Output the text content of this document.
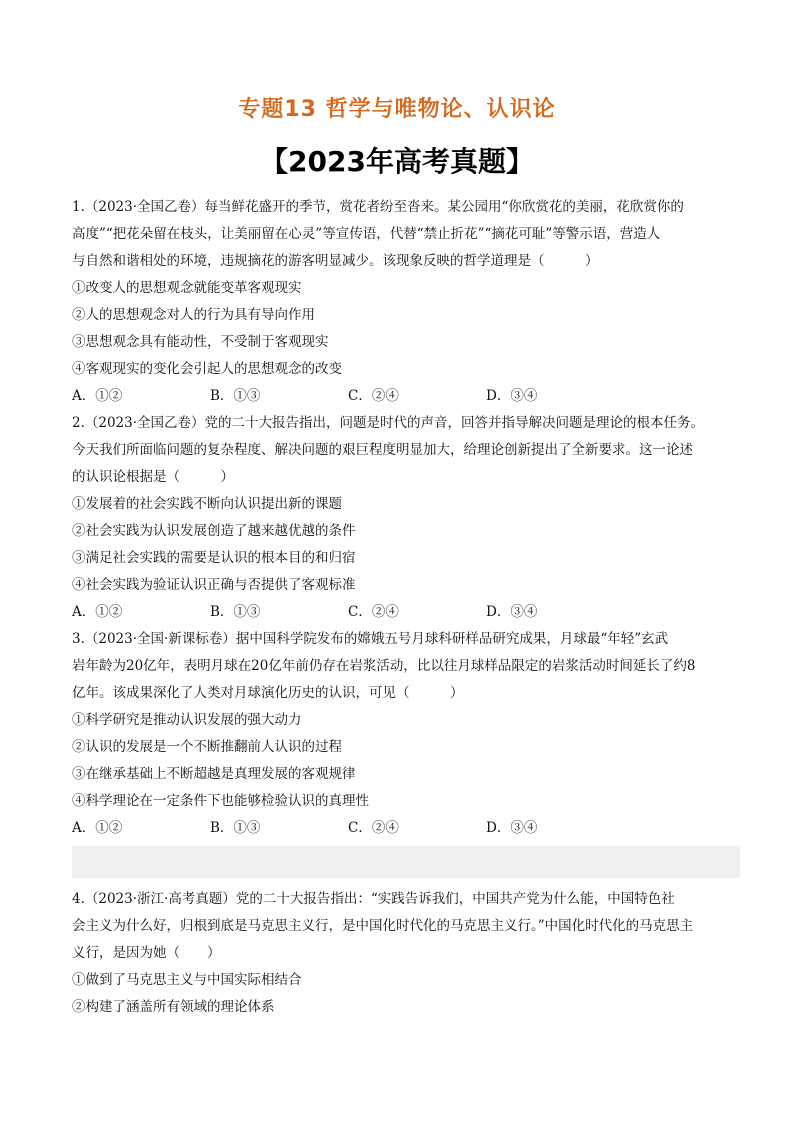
专题13 哲学与唯物论、认识论
【2023年高考真题】
1.（2023·全国乙卷）每当鲜花盛开的季节，赏花者纷至沓来。某公园用“你欣赏花的美丽，花欣赏你的
高度”“把花朵留在枝头，让美丽留在心灵”等宣传语，代替“禁止折花”“摘花可耻”等警示语，营造人
与自然和谐相处的环境，违规摘花的游客明显减少。该现象反映的哲学道理是（　　　）
①改变人的思想观念就能变革客观现实
②人的思想观念对人的行为具有导向作用
③思想观念具有能动性，不受制于客观现实
④客观现实的变化会引起人的思想观念的改变
A．①②	B．①③	C．②④	D．③④
2.（2023·全国乙卷）党的二十大报告指出，问题是时代的声音，回答并指导解决问题是理论的根本任务。
今天我们所面临问题的复杂程度、解决问题的艰巨程度明显加大，给理论创新提出了全新要求。这一论述
的认识论根据是（　　　）
①发展着的社会实践不断向认识提出新的课题
②社会实践为认识发展创造了越来越优越的条件
③满足社会实践的需要是认识的根本目的和归宿
④社会实践为验证认识正确与否提供了客观标准
A．①②	B．①③	C．②④	D．③④
3.（2023·全国·新课标卷）据中国科学院发布的嫦娥五号月球科研样品研究成果，月球最“年轻”玄武
岩年龄为20亿年，表明月球在20亿年前仍存在岩浆活动，比以往月球样品限定的岩浆活动时间延长了约8
亿年。该成果深化了人类对月球演化历史的认识，可见（　　　）
①科学研究是推动认识发展的强大动力
②认识的发展是一个不断推翻前人认识的过程
③在继承基础上不断超越是真理发展的客观规律
④科学理论在一定条件下也能够检验认识的真理性
A．①②	B．①③	C．②④	D．③④
4.（2023·浙江·高考真题）党的二十大报告指出：“实践告诉我们，中国共产党为什么能，中国特色社
会主义为什么好，归根到底是马克思主义行，是中国化时代化的马克思主义行。”中国化时代化的马克思主
义行，是因为她（　　）
①做到了马克思主义与中国实际相结合
②构建了涵盖所有领域的理论体系
